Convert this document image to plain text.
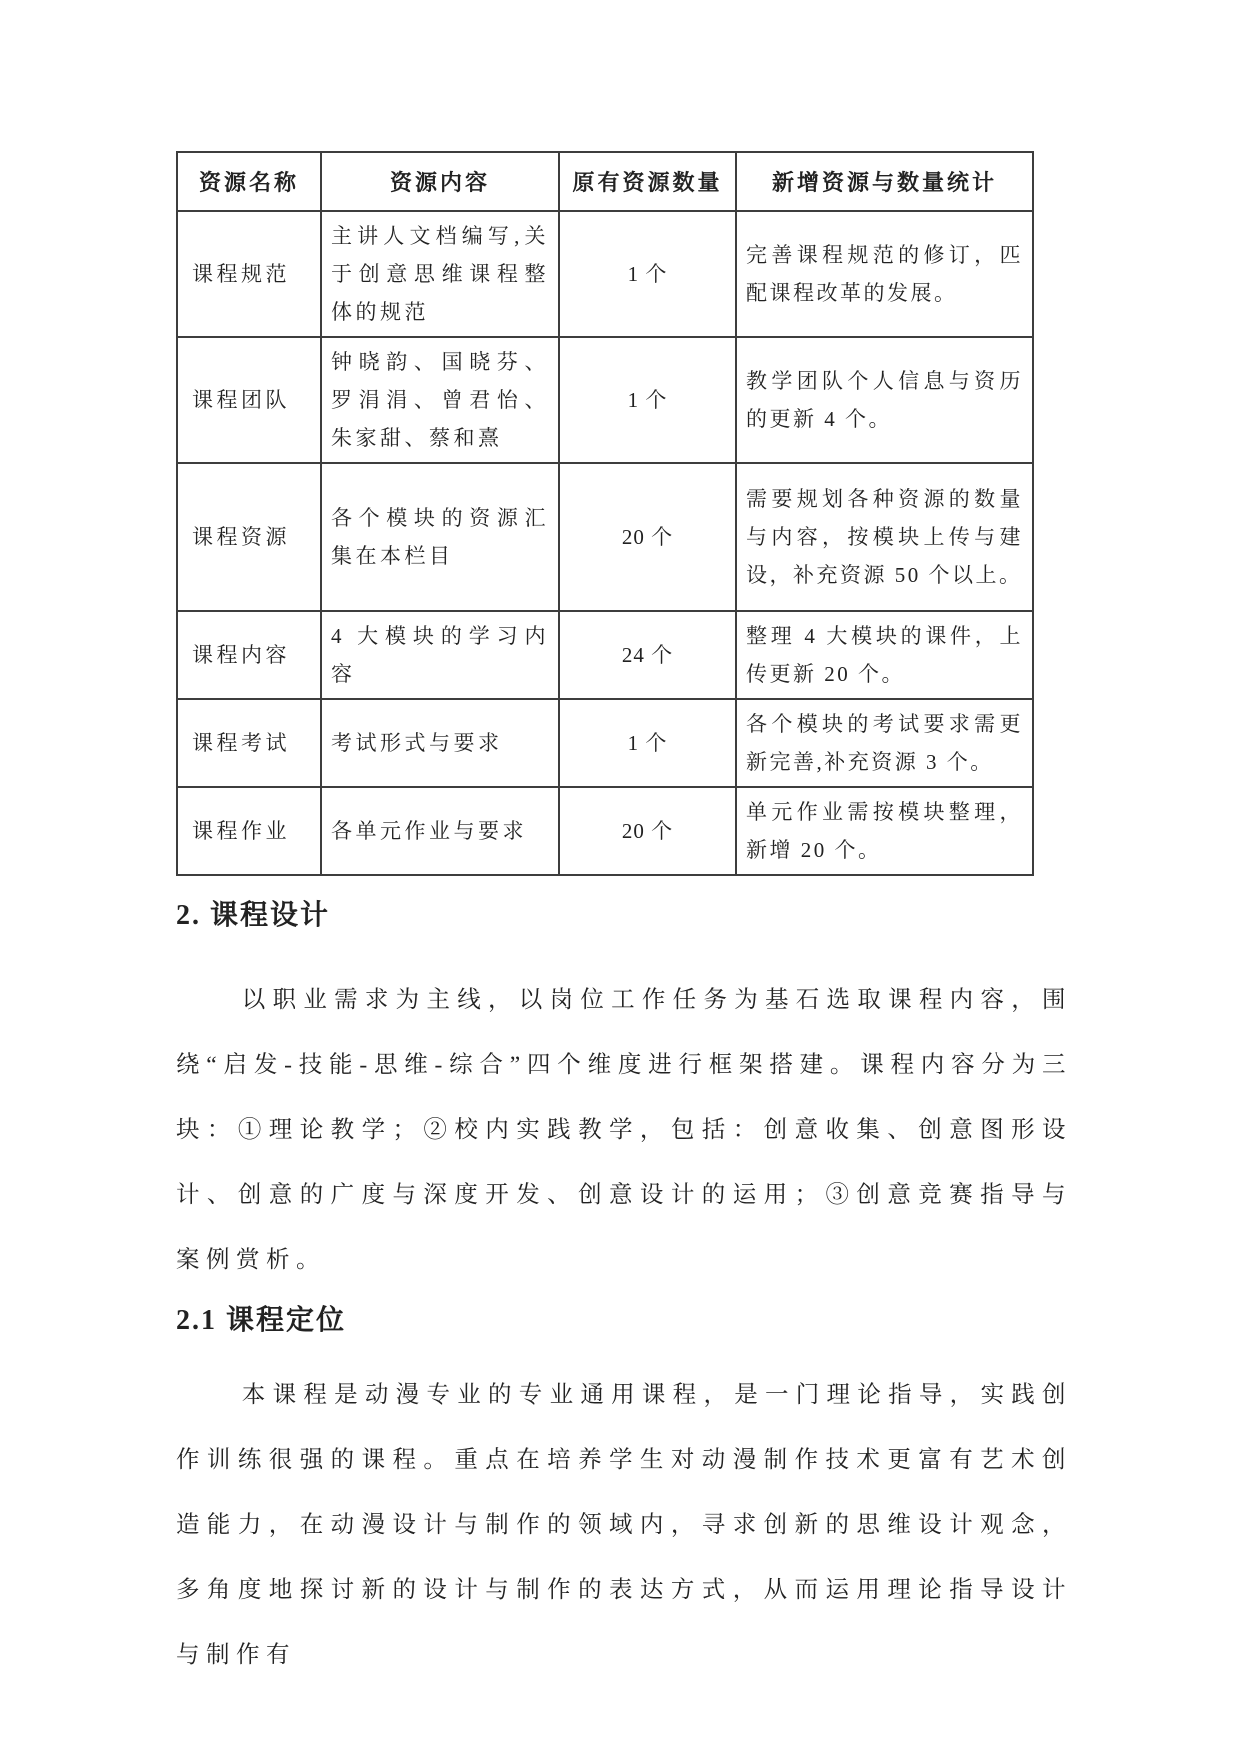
资源名称	资源内容	原有资源数量	新增资源与数量统计
课程规范	主讲人文档编写,关于创意思维课程整体的规范	1 个	完善课程规范的修订，匹配课程改革的发展。
课程团队	钟晓韵、国晓芬、罗涓涓、曾君怡、朱家甜、蔡和熹	1 个	教学团队个人信息与资历的更新 4 个。
课程资源	各个模块的资源汇集在本栏目	20 个	需要规划各种资源的数量与内容，按模块上传与建设，补充资源 50 个以上。
课程内容	4 大模块的学习内容	24 个	整理 4 大模块的课件，上传更新 20 个。
课程考试	考试形式与要求	1 个	各个模块的考试要求需更新完善,补充资源 3 个。
课程作业	各单元作业与要求	20 个	单元作业需按模块整理，新增 20 个。
2. 课程设计

以职业需求为主线，以岗位工作任务为基石选取课程内容，围绕“启发-技能-思维-综合”四个维度进行框架搭建。课程内容分为三块：①理论教学；②校内实践教学，包括：创意收集、创意图形设计、创意的广度与深度开发、创意设计的运用；③创意竞赛指导与案例赏析。

2.1 课程定位

本课程是动漫专业的专业通用课程，是一门理论指导，实践创作训练很强的课程。重点在培养学生对动漫制作技术更富有艺术创造能力，在动漫设计与制作的领域内，寻求创新的思维设计观念，多角度地探讨新的设计与制作的表达方式，从而运用理论指导设计与制作有
